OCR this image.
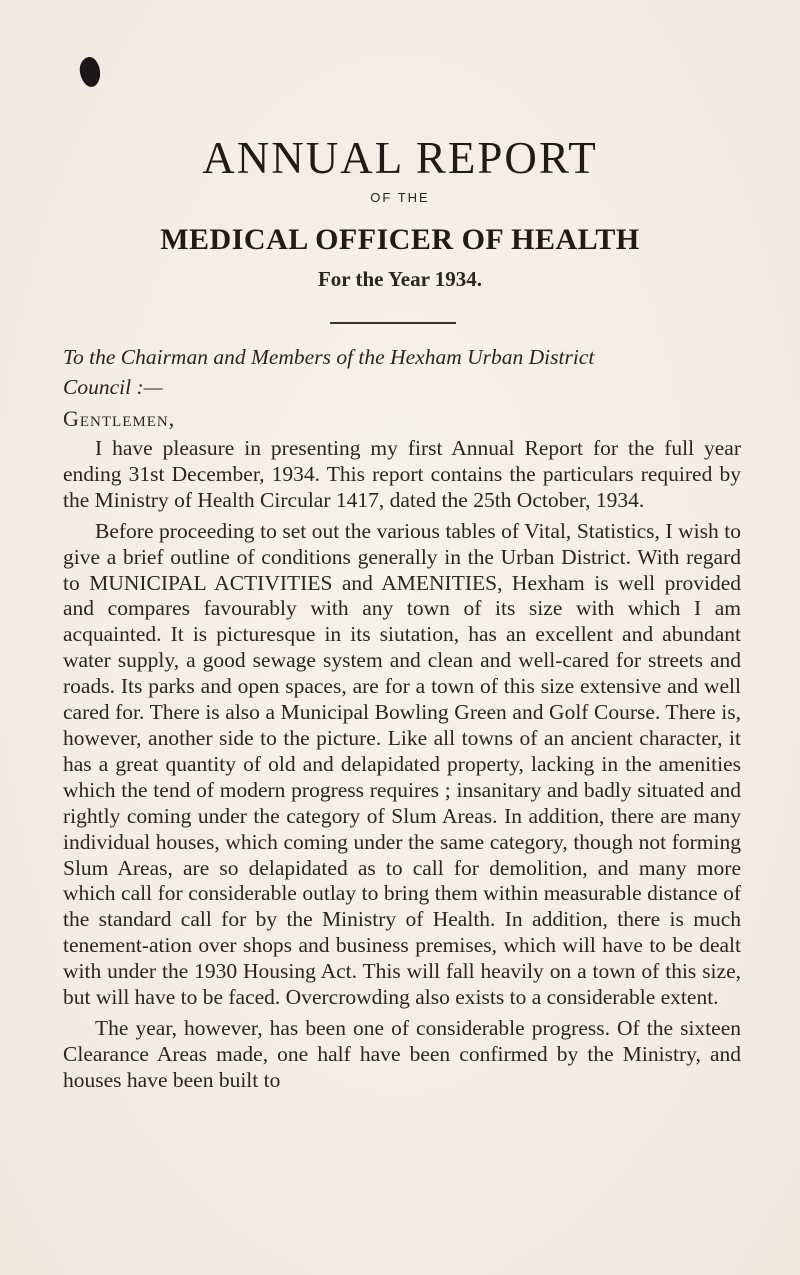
ANNUAL REPORT
OF THE
MEDICAL OFFICER OF HEALTH
For the Year 1934.
To the Chairman and Members of the Hexham Urban District
Council :—
Gentlemen,

I have pleasure in presenting my first Annual Report for the full year ending 31st December, 1934. This report contains the particulars required by the Ministry of Health Circular 1417, dated the 25th October, 1934.

Before proceeding to set out the various tables of Vital, Statistics, I wish to give a brief outline of conditions generally in the Urban District. With regard to MUNICIPAL ACTIVITIES and AMENITIES, Hexham is well provided and compares favourably with any town of its size with which I am acquainted. It is picturesque in its siutation, has an excellent and abundant water supply, a good sewage system and clean and well-cared for streets and roads. Its parks and open spaces, are for a town of this size extensive and well cared for. There is also a Municipal Bowling Green and Golf Course. There is, however, another side to the picture. Like all towns of an ancient character, it has a great quantity of old and delapidated property, lacking in the amenities which the tend of modern progress requires ; insanitary and badly situated and rightly coming under the category of Slum Areas. In addition, there are many individual houses, which coming under the same category, though not forming Slum Areas, are so delapidated as to call for demolition, and many more which call for considerable outlay to bring them within measurable distance of the standard call for by the Ministry of Health. In addition, there is much tenement-ation over shops and business premises, which will have to be dealt with under the 1930 Housing Act. This will fall heavily on a town of this size, but will have to be faced. Overcrowding also exists to a considerable extent.

The year, however, has been one of considerable progress. Of the sixteen Clearance Areas made, one half have been confirmed by the Ministry, and houses have been built to
